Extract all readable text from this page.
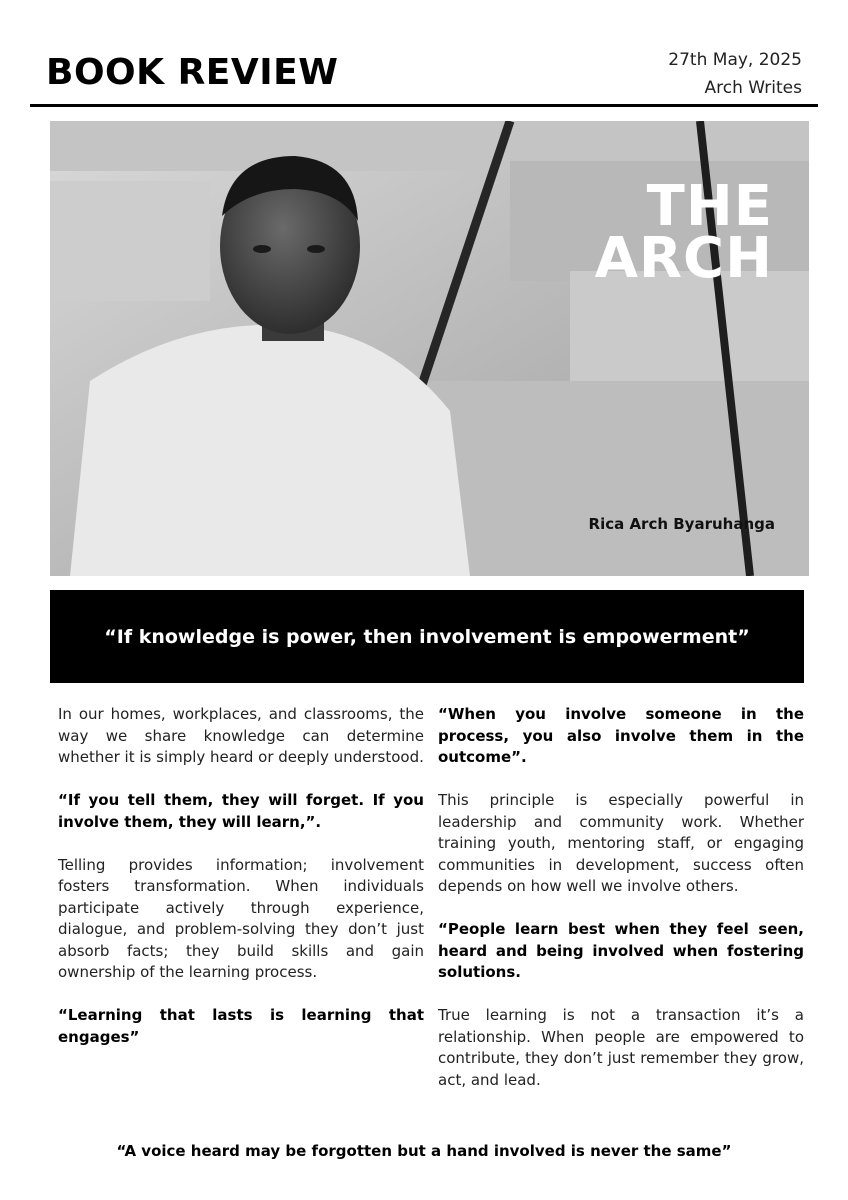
BOOK REVIEW	27th May, 2025
Arch Writes
THE
ARCH
Rica Arch Byaruhanga
“If knowledge is power, then involvement is empowerment”

In our homes, workplaces, and classrooms, the way we share knowledge can determine whether it is simply heard or deeply understood.

“If you tell them, they will forget. If you involve them, they will learn,”.

Telling provides information; involvement fosters transformation. When individuals participate actively through experience, dialogue, and problem-solving they don’t just absorb facts; they build skills and gain ownership of the learning process.

“Learning that lasts is learning that engages”

“When you involve someone in the process, you also involve them in the outcome”.

This principle is especially powerful in leadership and community work. Whether training youth, mentoring staff, or engaging communities in development, success often depends on how well we involve others.

“People learn best when they feel seen, heard and being involved when fostering solutions.

True learning is not a transaction it’s a relationship. When people are empowered to contribute, they don’t just remember they grow, act, and lead.

“A voice heard may be forgotten but a hand involved is never the same”
